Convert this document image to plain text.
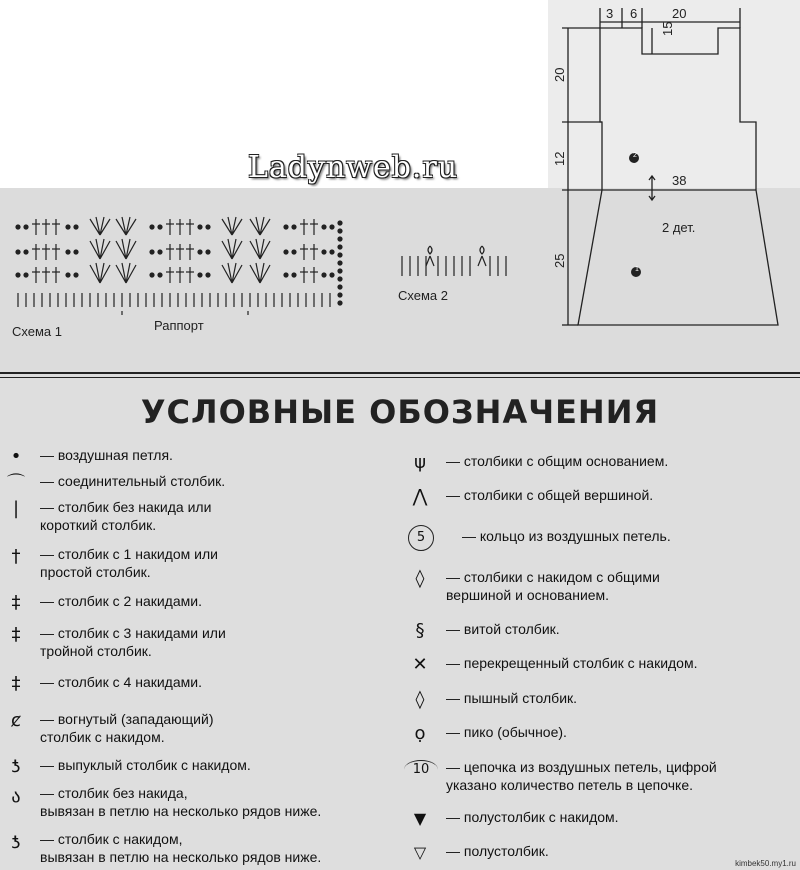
Ladynweb.ru
Схема 1	Раппорт
Схема 2
2
1
3 6	20
15
20
12
25
38
2 дет.
УСЛОВНЫЕ ОБОЗНАЧЕНИЯ
•	— воздушная петля.
⌒	— соединительный столбик.
|	— столбик без накида или
короткий столбик.
†	— столбик с 1 накидом или
простой столбик.
‡	— столбик с 2 накидами.
‡	— столбик с 3 накидами или
тройной столбик.
‡	— столбик с 4 накидами.
ȼ	— вогнутый (западающий)
столбик с накидом.
ƾ	— выпуклый столбик с накидом.
ა	— столбик без накида,
вывязан в петлю на несколько рядов ниже.
ƾ	— столбик с накидом,
вывязан в петлю на несколько рядов ниже.
ψ	— столбики с общим основанием.
⋀	— столбики с общей вершиной.
5	— кольцо из воздушных петель.
◊	— столбики с накидом с общими
вершиной и основанием.
§	— витой столбик.
✕	— перекрещенный столбик с накидом.
◊	— пышный столбик.
ọ	— пико (обычное).
10	— цепочка из воздушных петель, цифрой
указано количество петель в цепочке.
▼	— полустолбик с накидом.
▽	— полустолбик.
kimbek50.my1.ru
